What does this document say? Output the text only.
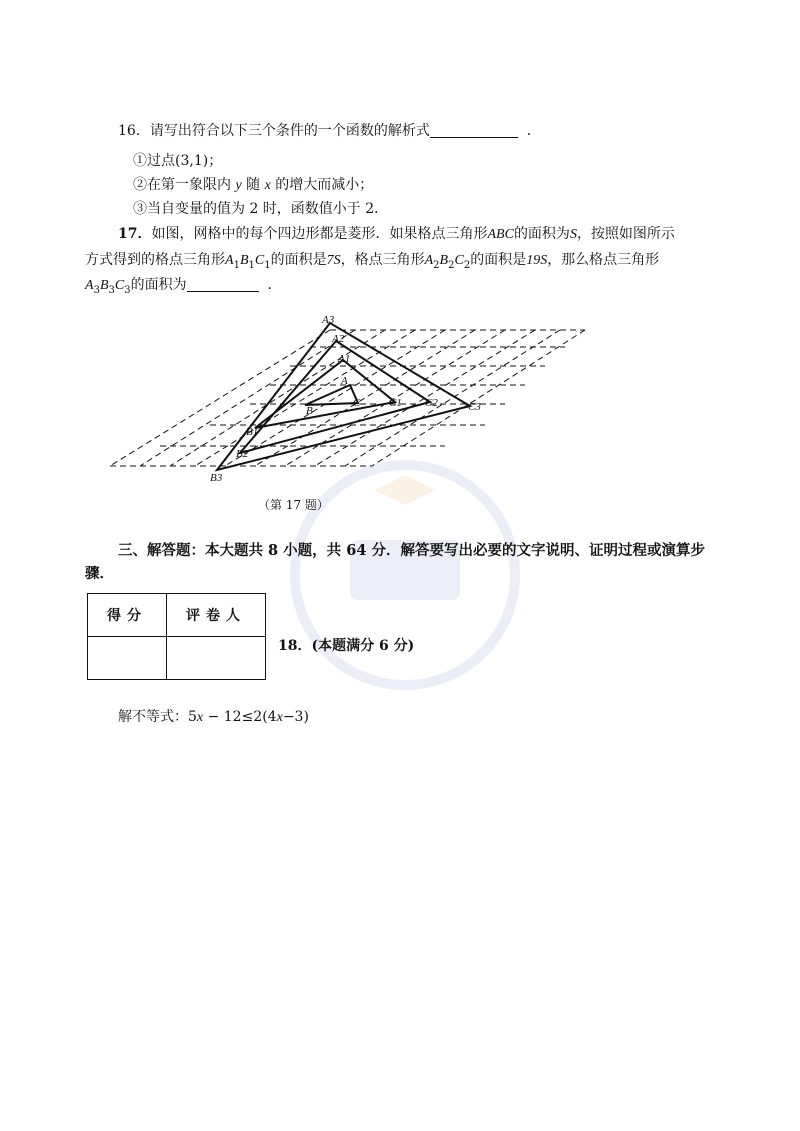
16．请写出符合以下三个条件的一个函数的解析式	．
①过点(3,1)；
②在第一象限内 y 随 x 的增大而减小；
③当自变量的值为 2 时，函数值小于 2．
17．如图，网格中的每个四边形都是菱形．如果格点三角形ABC的面积为S，按照如图所示
方式得到的格点三角形$A_1B_1C_1$的面积是7S，格点三角形$A_2B_2C_2$的面积是19S，那么格点三角形
$A_3B_3C_3$的面积为	．
A3
A2
A1
A
B
B1
B2
B3
C	C1 C2	C3
（第 17 题）
三、解答题：本大题共 8 小题，共 64 分．解答要写出必要的文字说明、证明过程或演算步
骤．
得分	评卷人

18．(本题满分 6 分)
解不等式：5x − 12≤2(4x−3)
